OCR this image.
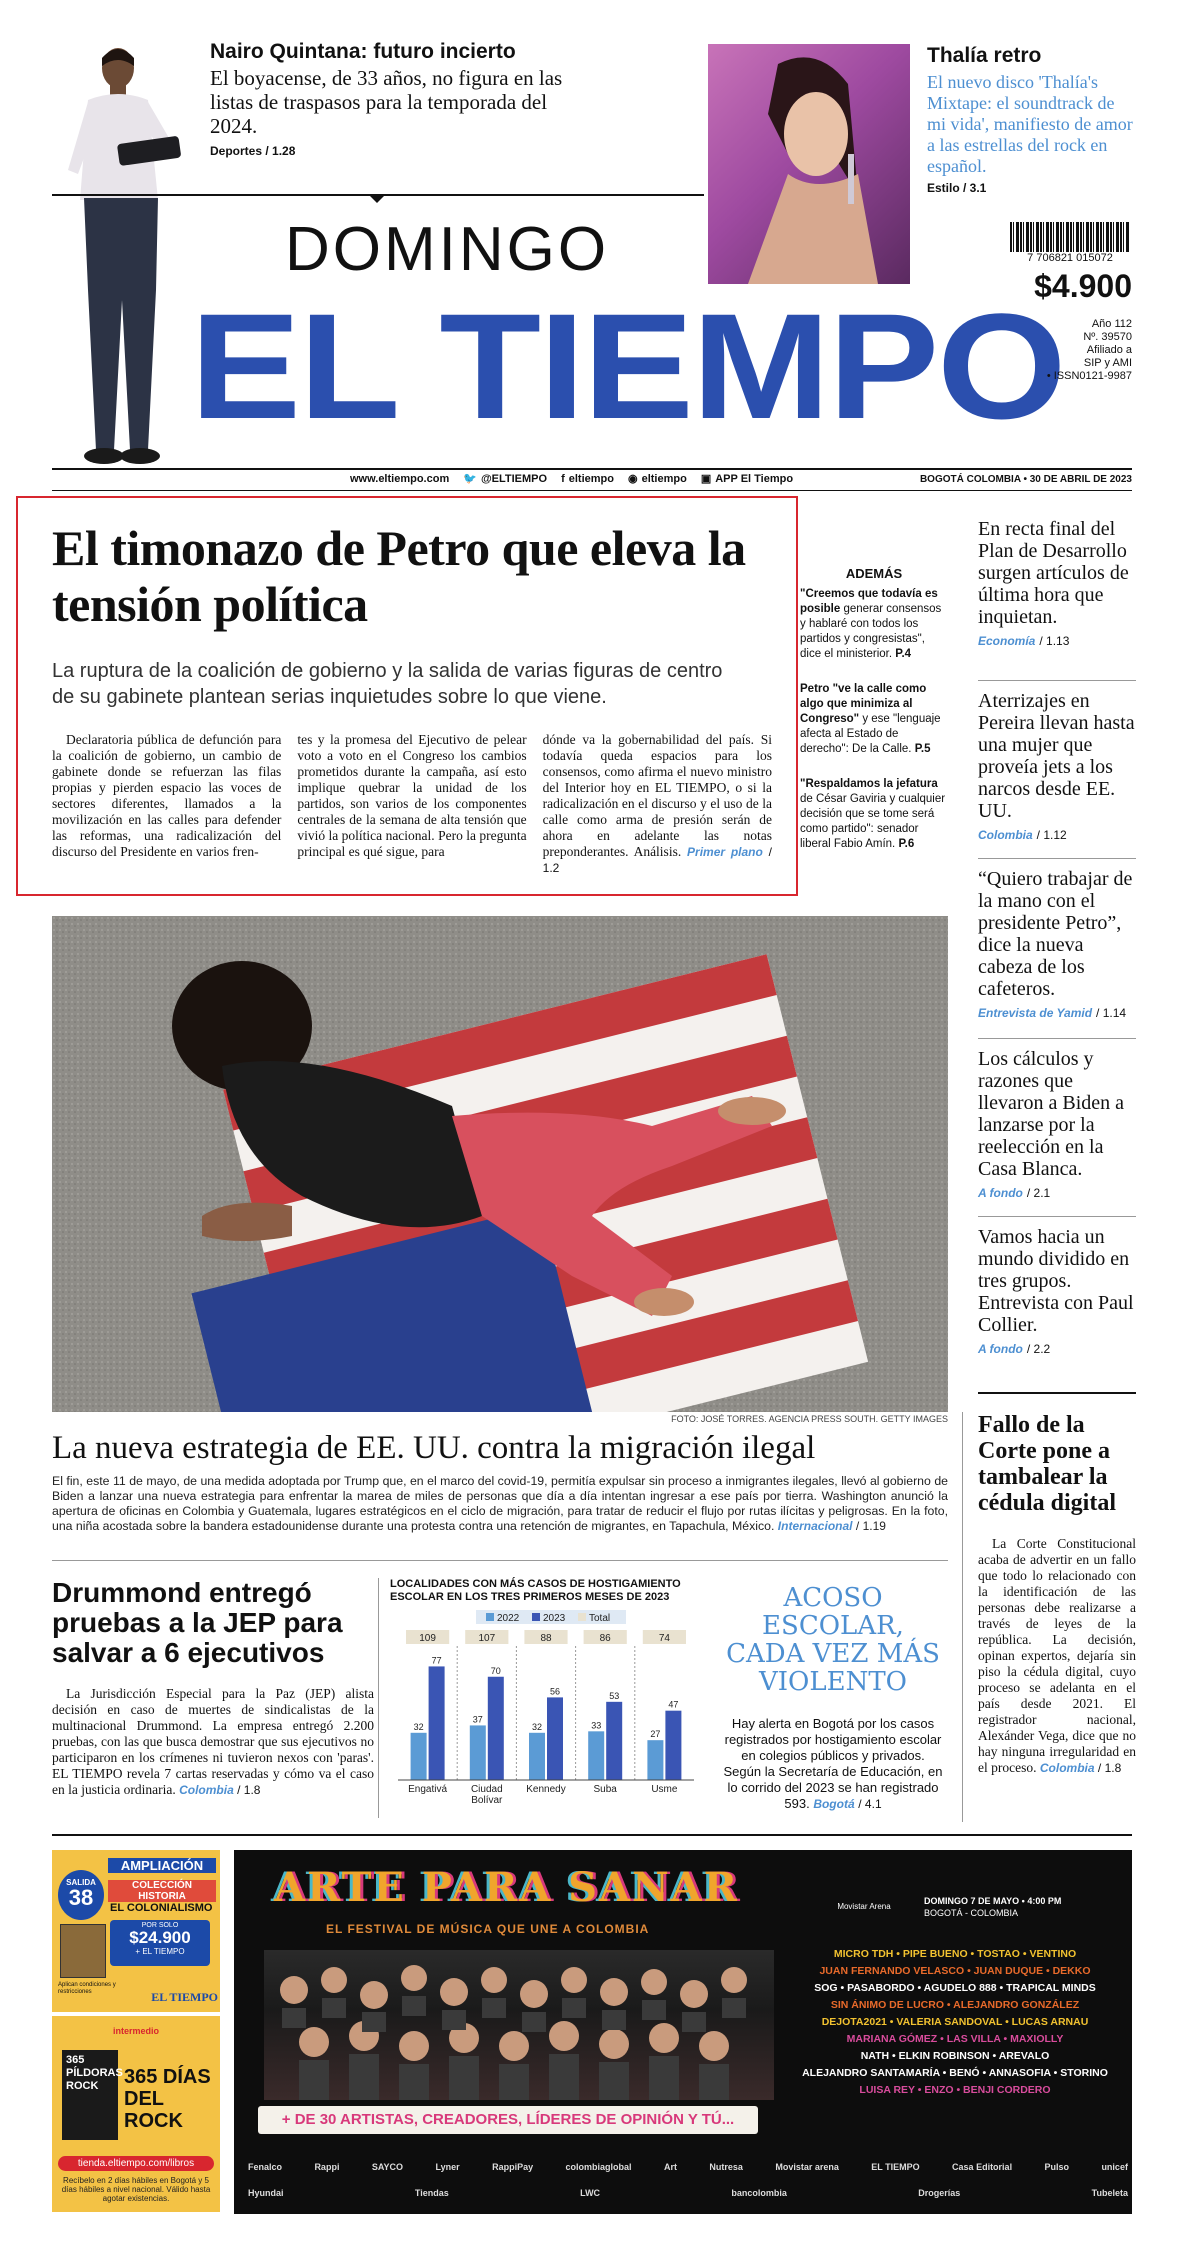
Nairo Quintana: futuro incierto
El boyacense, de 33 años, no figura en las listas de traspasos para la temporada del 2024.
Deportes / 1.28
Thalía retro
El nuevo disco 'Thalía's Mixtape: el soundtrack de mi vida', manifiesto de amor a las estrellas del rock en español.
Estilo / 3.1
DOMINGO
EL TIEMPO
7 706821 015072
$4.900
Año 112
Nº. 39570
Afiliado a
SIP y AMI
• ISSN0121-9987
www.eltiempo.com 🐦 @ELTIEMPO f eltiempo ◉ eltiempo ▣ APP El Tiempo	BOGOTÁ COLOMBIA • 30 DE ABRIL DE 2023
El timonazo de Petro que eleva la tensión política
La ruptura de la coalición de gobierno y la salida de varias figuras de centro de su gabinete plantean serias inquietudes sobre lo que viene.

Declaratoria pública de defunción para la coalición de gobierno, un cambio de gabinete donde se refuerzan las filas propias y pierden espacio las voces de sectores diferentes, llamados a la movilización en las calles para defender las reformas, una radicalización del discurso del Presidente en varios fren-

tes y la promesa del Ejecutivo de pelear voto a voto en el Congreso los cambios prometidos durante la campaña, así esto implique quebrar la unidad de los partidos, son varios de los componentes centrales de la semana de alta tensión que vivió la política nacional. Pero la pregunta principal es qué sigue, para

dónde va la gobernabilidad del país. Si todavía queda espacios para los consensos, como afirma el nuevo ministro del Interior hoy en EL TIEMPO, o si la radicalización en el discurso y el uso de la calle como arma de presión serán de ahora en adelante las notas preponderantes. Análisis. Primer plano / 1.2

ADEMÁS
"Creemos que todavía es posible generar consensos y hablaré con todos los partidos y congresistas", dice el ministerior. P.4
Petro "ve la calle como algo que minimiza al Congreso" y ese "lenguaje afecta al Estado de derecho": De la Calle. P.5
"Respaldamos la jefatura de César Gaviria y cualquier decisión que se tome será como partido": senador liberal Fabio Amín. P.6
En recta final del Plan de Desarrollo surgen artículos de última hora que inquietan.
Economía / 1.13
Aterrizajes en Pereira llevan hasta una mujer que proveía jets a los narcos desde EE. UU.
Colombia / 1.12
“Quiero trabajar de la mano con el presidente Petro”, dice la nueva cabeza de los cafeteros.
Entrevista de Yamid / 1.14
Los cálculos y razones que llevaron a Biden a lanzarse por la reelección en la Casa Blanca.
A fondo / 2.1
Vamos hacia un mundo dividido en tres grupos. Entrevista con Paul Collier.
A fondo / 2.2
Fallo de la Corte pone a tambalear la cédula digital

La Corte Constitucional acaba de advertir en un fallo que todo lo relacionado con la identificación de las personas debe realizarse a través de leyes de la república. La decisión, opinan expertos, dejaría sin piso la cédula digital, cuyo proceso se adelanta en el país desde 2021. El registrador nacional, Alexánder Vega, dice que no hay ninguna irregularidad en el proceso. Colombia / 1.8

FOTO: JOSÉ TORRES. AGENCIA PRESS SOUTH. GETTY IMAGES
La nueva estrategia de EE. UU. contra la migración ilegal

El fin, este 11 de mayo, de una medida adoptada por Trump que, en el marco del covid-19, permitía expulsar sin proceso a inmigrantes ilegales, llevó al gobierno de Biden a lanzar una nueva estrategia para enfrentar la marea de miles de personas que día a día intentan ingresar a ese país por tierra. Washington anunció la apertura de oficinas en Colombia y Guatemala, lugares estratégicos en el ciclo de migración, para tratar de reducir el flujo por rutas ilícitas y peligrosas. En la foto, una niña acostada sobre la bandera estadounidense durante una protesta contra una retención de migrantes, en Tapachula, México. Internacional / 1.19

Drummond entregó pruebas a la JEP para salvar a 6 ejecutivos

La Jurisdicción Especial para la Paz (JEP) alista decisión en caso de muertes de sindicalistas de la multinacional Drummond. La empresa entregó 2.200 pruebas, con las que busca demostrar que sus ejecutivos no participaron en los crímenes ni tuvieron nexos con 'paras'. EL TIEMPO revela 7 cartas reservadas y cómo va el caso en la justicia ordinaria. Colombia / 1.8

LOCALIDADES CON MÁS CASOS DE HOSTIGAMIENTO ESCOLAR EN LOS TRES PRIMEROS MESES DE 2023
2022 2023 Total
109
32
77
Engativá
107
37
70
Ciudad
Bolívar
88
32
56
Kennedy
86
33
53
Suba
74
27
47
Usme
ACOSO ESCOLAR, CADA VEZ MÁS VIOLENTO

Hay alerta en Bogotá por los casos registrados por hostigamiento escolar en colegios públicos y privados. Según la Secretaría de Educación, en lo corrido del 2023 se han registrado 593. Bogotá / 4.1

SALIDA
38
AMPLIACIÓN
COLECCIÓN HISTORIA
EL COLONIALISMO
POR SOLO
$24.900
+ EL TIEMPO
Aplican condiciones y restricciones	EL TIEMPO
intermedio
365 PÍLDORAS ROCK	365 DÍAS DEL ROCK
tienda.eltiempo.com/libros
Recíbelo en 2 días hábiles en Bogotá y 5 días hábiles a nivel nacional. Válido hasta agotar existencias.
ARTE PARA SANAR
EL FESTIVAL DE MÚSICA QUE UNE A COLOMBIA
Movistar Arena
DOMINGO 7 DE MAYO • 4:00 PM
BOGOTÁ - COLOMBIA
MICRO TDH • PIPE BUENO • TOSTAO • VENTINO
JUAN FERNANDO VELASCO • JUAN DUQUE • DEKKO
SOG • PASABORDO • AGUDELO 888 • TRAPICAL MINDS
SIN ÁNIMO DE LUCRO • ALEJANDRO GONZÁLEZ
DEJOTA2021 • VALERIA SANDOVAL • LUCAS ARNAU
MARIANA GÓMEZ • LAS VILLA • MAXIOLLY
NATH • ELKIN ROBINSON • AREVALO
ALEJANDRO SANTAMARÍA • BENÓ • ANNASOFIA • STORINO
LUISA REY • ENZO • BENJI CORDERO
+ DE 30 ARTISTAS, CREADORES, LÍDERES DE OPINIÓN Y TÚ...
Fenalco	Rappi	SAYCO	Lyner	RappiPay	colombiaglobal	Art	Nutresa	Movistar arena	EL TIEMPO	Casa Editorial	Pulso	unicef
Hyundai	Tiendas	LWC	bancolombia	Drogerías	Tubeleta
